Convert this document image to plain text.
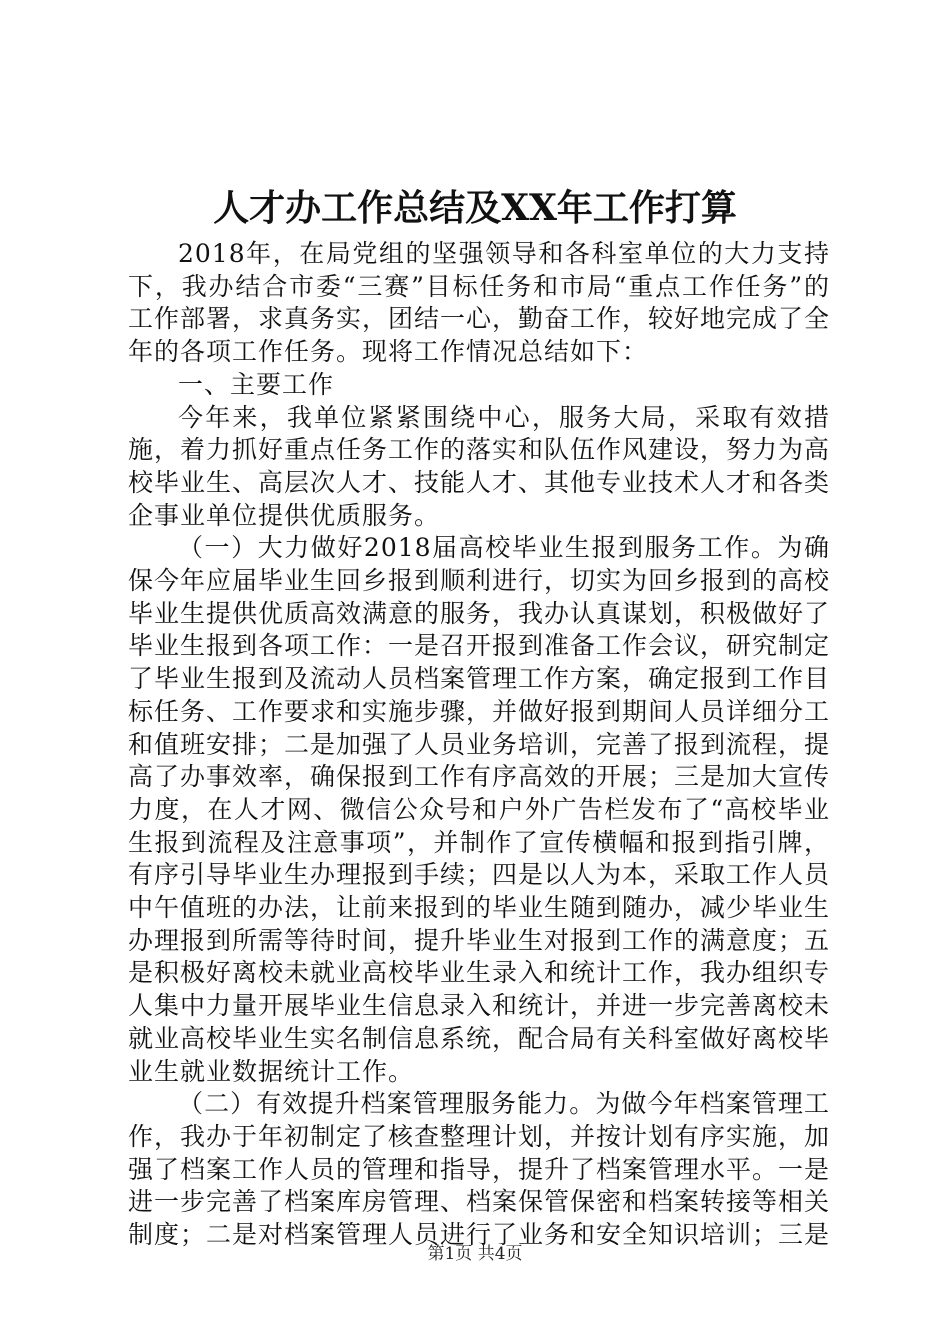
人才办工作总结及XX年工作打算

2018年，在局党组的坚强领导和各科室单位的大力支持下，我办结合市委“三赛”目标任务和市局“重点工作任务”的工作部署，求真务实，团结一心，勤奋工作，较好地完成了全年的各项工作任务。现将工作情况总结如下：

一、主要工作

今年来，我单位紧紧围绕中心，服务大局，采取有效措施，着力抓好重点任务工作的落实和队伍作风建设，努力为高校毕业生、高层次人才、技能人才、其他专业技术人才和各类企事业单位提供优质服务。

（一）大力做好2018届高校毕业生报到服务工作。为确保今年应届毕业生回乡报到顺利进行，切实为回乡报到的高校毕业生提供优质高效满意的服务，我办认真谋划，积极做好了毕业生报到各项工作：一是召开报到准备工作会议，研究制定了毕业生报到及流动人员档案管理工作方案，确定报到工作目标任务、工作要求和实施步骤，并做好报到期间人员详细分工和值班安排；二是加强了人员业务培训，完善了报到流程，提高了办事效率，确保报到工作有序高效的开展；三是加大宣传力度，在人才网、微信公众号和户外广告栏发布了“高校毕业生报到流程及注意事项”，并制作了宣传横幅和报到指引牌，有序引导毕业生办理报到手续；四是以人为本，采取工作人员中午值班的办法，让前来报到的毕业生随到随办，减少毕业生办理报到所需等待时间，提升毕业生对报到工作的满意度；五是积极好离校未就业高校毕业生录入和统计工作，我办组织专人集中力量开展毕业生信息录入和统计，并进一步完善离校未就业高校毕业生实名制信息系统，配合局有关科室做好离校毕业生就业数据统计工作。

（二）有效提升档案管理服务能力。为做今年档案管理工作，我办于年初制定了核查整理计划，并按计划有序实施，加强了档案工作人员的管理和指导，提升了档案管理水平。一是进一步完善了档案库房管理、档案保管保密和档案转接等相关制度；二是对档案管理人员进行了业务和安全知识培训；三是

第1页 共4页
